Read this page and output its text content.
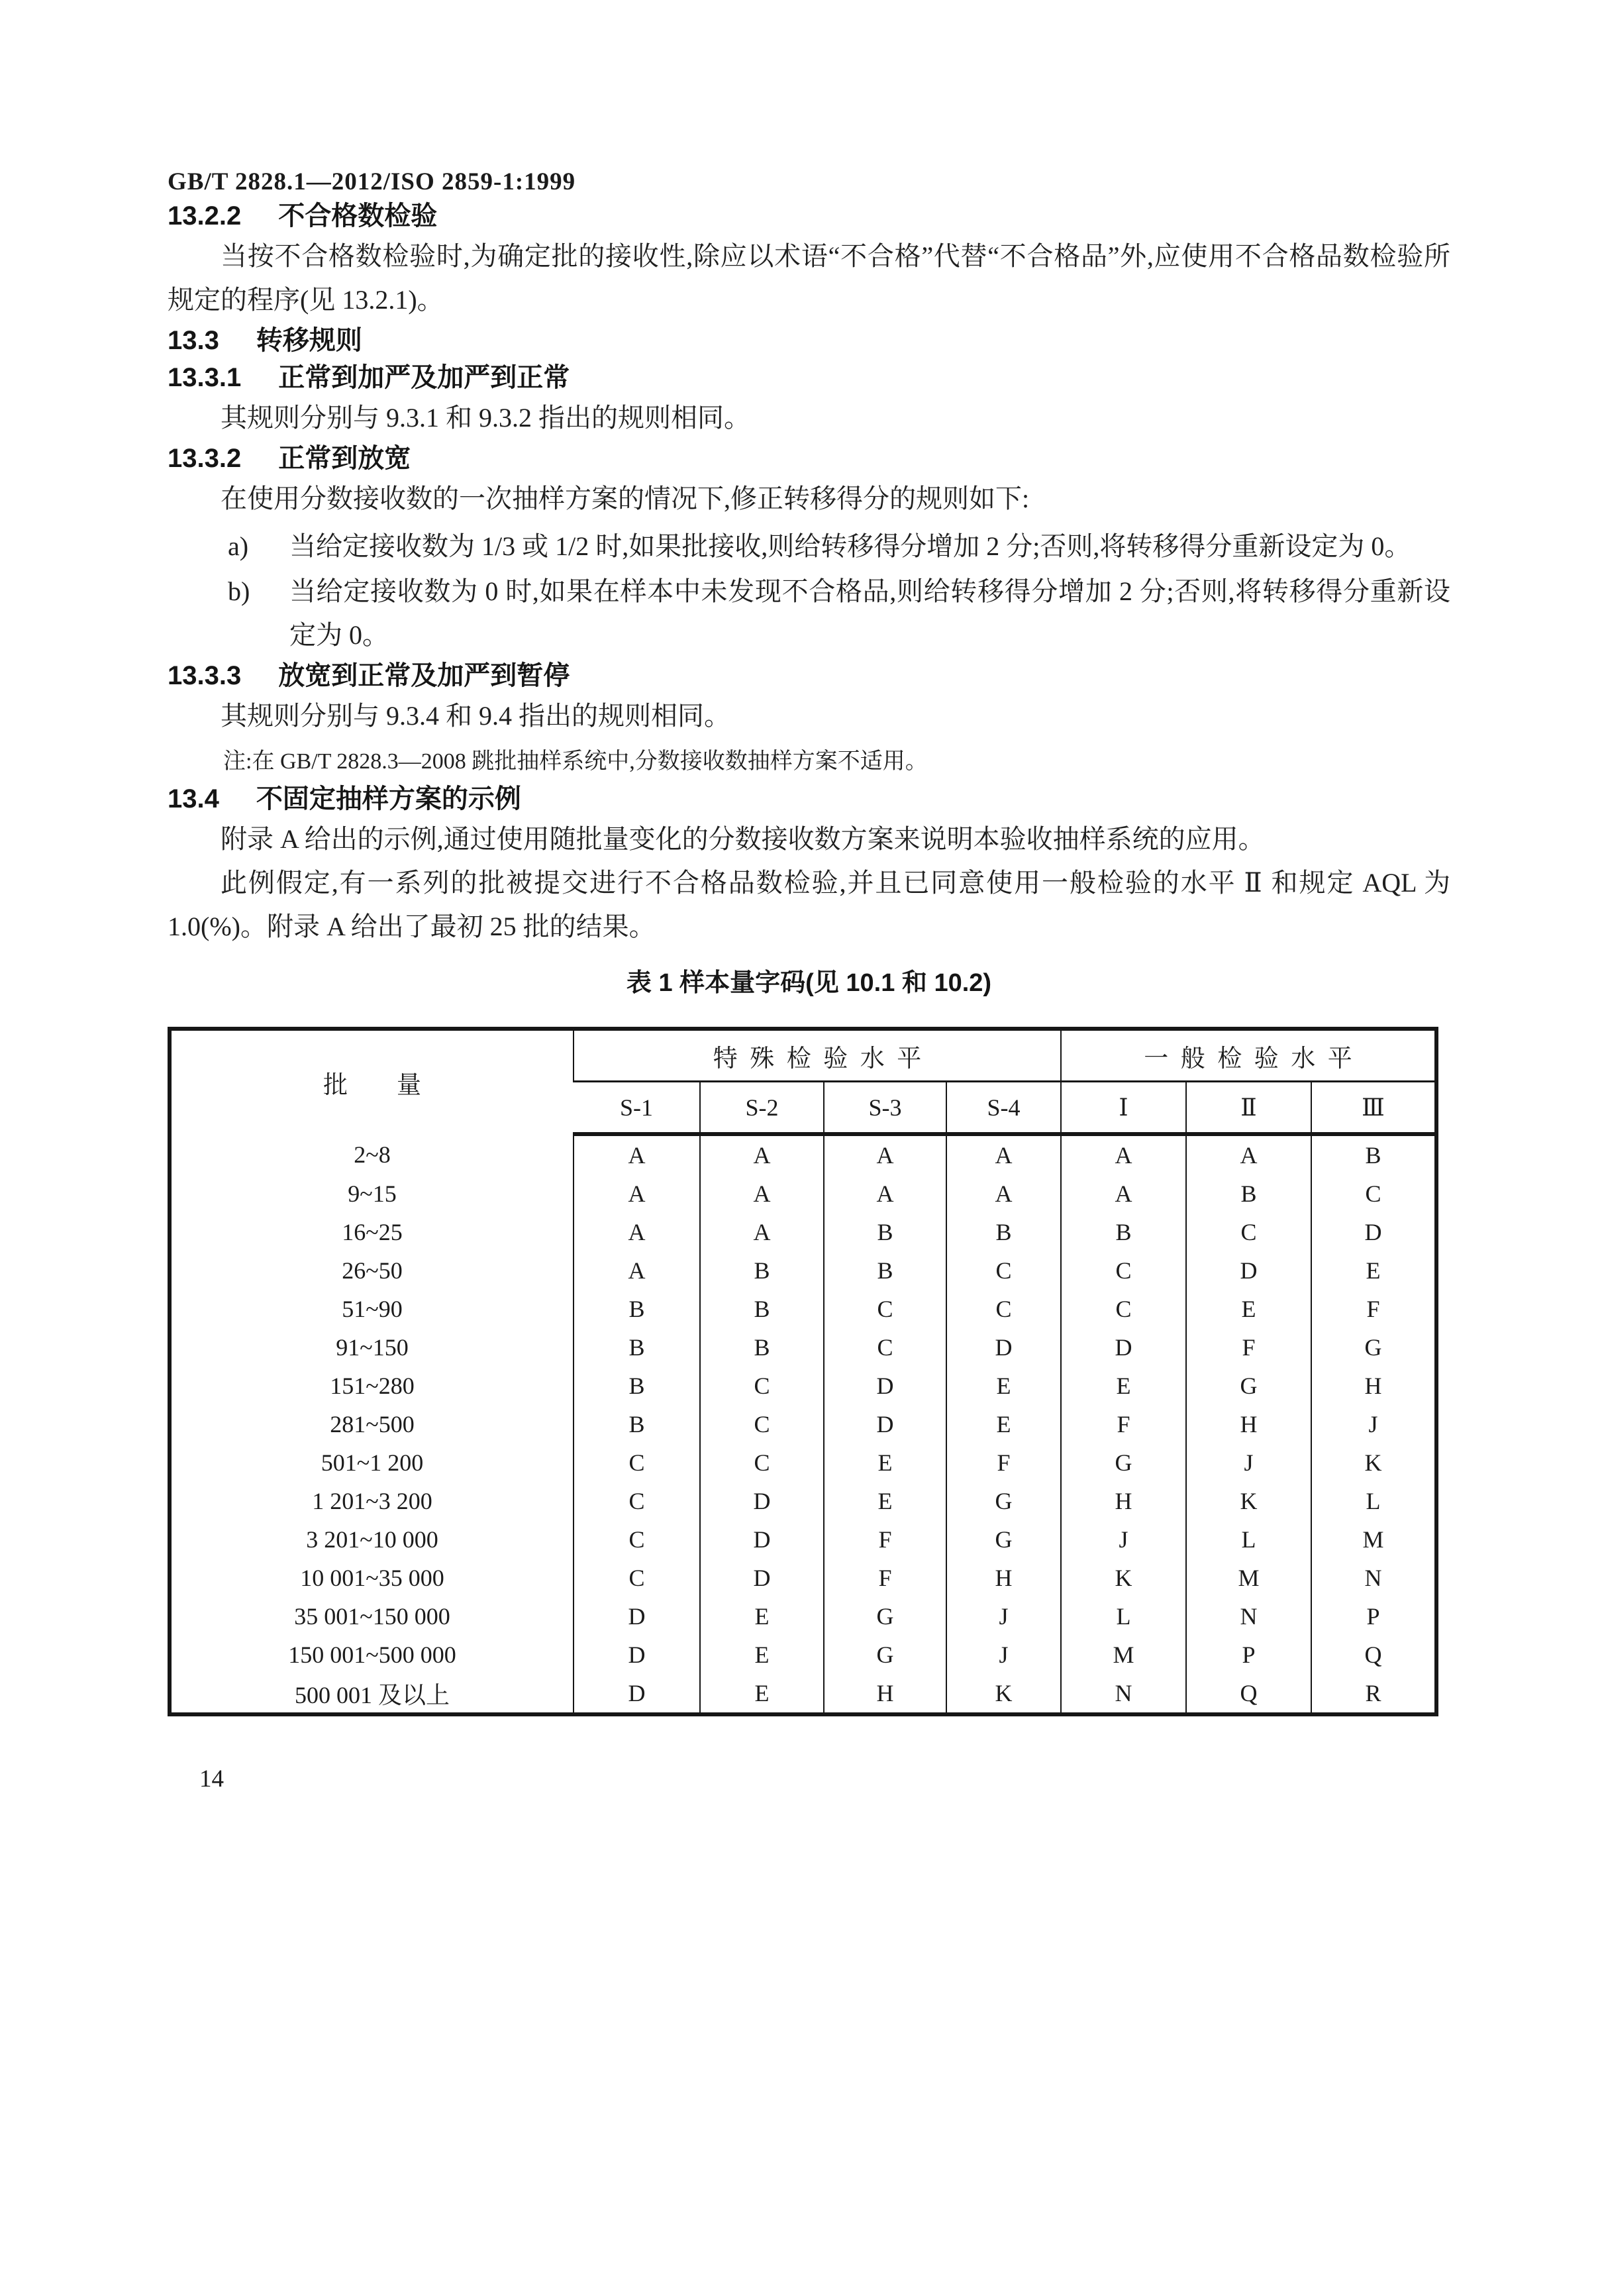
GB/T 2828.1—2012/ISO 2859-1:1999
13.2.2 不合格数检验

当按不合格数检验时,为确定批的接收性,除应以术语“不合格”代替“不合格品”外,应使用不合格品数检验所规定的程序(见 13.2.1)。

13.3 转移规则
13.3.1 正常到加严及加严到正常

其规则分别与 9.3.1 和 9.3.2 指出的规则相同。

13.3.2 正常到放宽

在使用分数接收数的一次抽样方案的情况下,修正转移得分的规则如下:

a) 当给定接收数为 1/3 或 1/2 时,如果批接收,则给转移得分增加 2 分;否则,将转移得分重新设定为 0。
b) 当给定接收数为 0 时,如果在样本中未发现不合格品,则给转移得分增加 2 分;否则,将转移得分重新设定为 0。
13.3.3 放宽到正常及加严到暂停

其规则分别与 9.3.4 和 9.4 指出的规则相同。

注:在 GB/T 2828.3—2008 跳批抽样系统中,分数接收数抽样方案不适用。
13.4 不固定抽样方案的示例

附录 A 给出的示例,通过使用随批量变化的分数接收数方案来说明本验收抽样系统的应用。

此例假定,有一系列的批被提交进行不合格品数检验,并且已同意使用一般检验的水平 Ⅱ 和规定 AQL 为 1.0(%)。附录 A 给出了最初 25 批的结果。

表 1 样本量字码(见 10.1 和 10.2)
批　量	特殊检验水平				一般检验水平		
	S-1	S-2	S-3	S-4	Ⅰ	Ⅱ	Ⅲ
2~8	A	A	A	A	A	A	B
9~15	A	A	A	A	A	B	C
16~25	A	A	B	B	B	C	D
26~50	A	B	B	C	C	D	E
51~90	B	B	C	C	C	E	F
91~150	B	B	C	D	D	F	G
151~280	B	C	D	E	E	G	H
281~500	B	C	D	E	F	H	J
501~1 200	C	C	E	F	G	J	K
1 201~3 200	C	D	E	G	H	K	L
3 201~10 000	C	D	F	G	J	L	M
10 001~35 000	C	D	F	H	K	M	N
35 001~150 000	D	E	G	J	L	N	P
150 001~500 000	D	E	G	J	M	P	Q
500 001 及以上	D	E	H	K	N	Q	R
14
